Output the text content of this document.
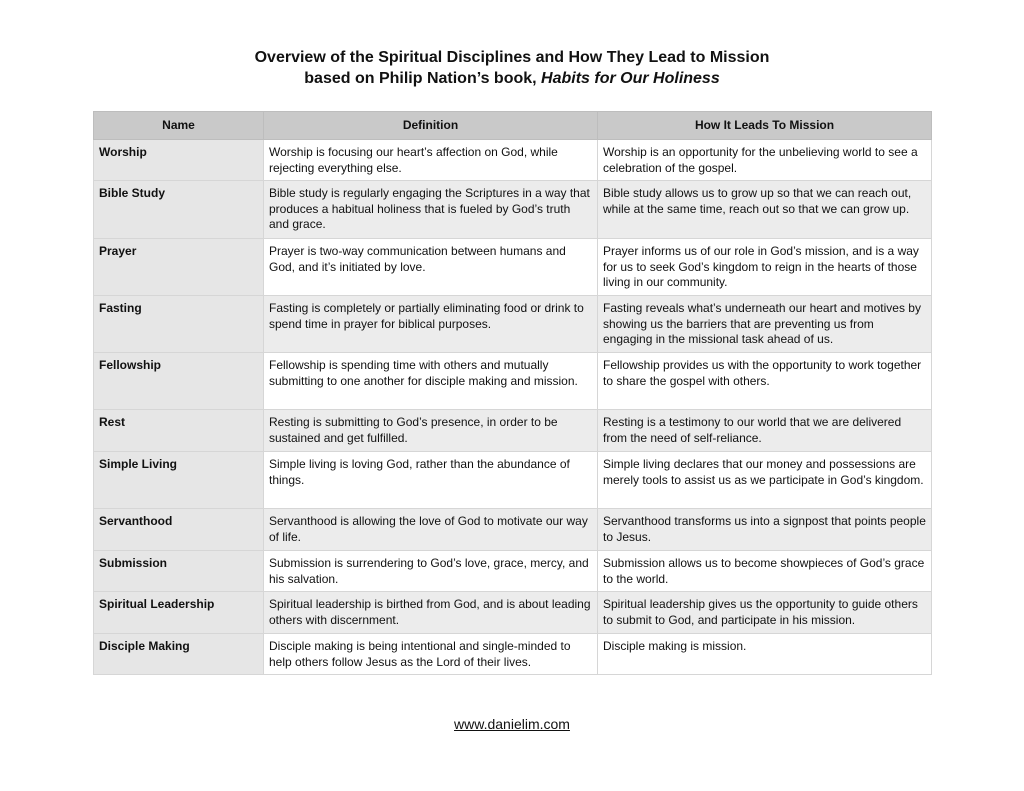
Overview of the Spiritual Disciplines and How They Lead to Mission
based on Philip Nation’s book, Habits for Our Holiness
Name	Definition	How It Leads To Mission
Worship	Worship is focusing our heart’s affection on God, while rejecting everything else.	Worship is an opportunity for the unbelieving world to see a celebration of the gospel.
Bible Study	Bible study is regularly engaging the Scriptures in a way that produces a habitual holiness that is fueled by God’s truth and grace.	Bible study allows us to grow up so that we can reach out, while at the same time, reach out so that we can grow up.
Prayer	Prayer is two-way communication between humans and God, and it’s initiated by love.	Prayer informs us of our role in God’s mission, and is a way for us to seek God’s kingdom to reign in the hearts of those living in our community.
Fasting	Fasting is completely or partially eliminating food or drink to spend time in prayer for biblical purposes.	Fasting reveals what’s underneath our heart and motives by showing us the barriers that are preventing us from engaging in the missional task ahead of us.
Fellowship	Fellowship is spending time with others and mutually submitting to one another for disciple making and mission.	Fellowship provides us with the opportunity to work together to share the gospel with others.
Rest	Resting is submitting to God’s presence, in order to be sustained and get fulfilled.	Resting is a testimony to our world that we are delivered from the need of self-reliance.
Simple Living	Simple living is loving God, rather than the abundance of things.	Simple living declares that our money and possessions are merely tools to assist us as we participate in God’s kingdom.
Servanthood	Servanthood is allowing the love of God to motivate our way of life.	Servanthood transforms us into a signpost that points people to Jesus.
Submission	Submission is surrendering to God’s love, grace, mercy, and his salvation.	Submission allows us to become showpieces of God’s grace to the world.
Spiritual Leadership	Spiritual leadership is birthed from God, and is about leading others with discernment.	Spiritual leadership gives us the opportunity to guide others to submit to God, and participate in his mission.
Disciple Making	Disciple making is being intentional and single-minded to help others follow Jesus as the Lord of their lives.	Disciple making is mission.
www.danielim.com
